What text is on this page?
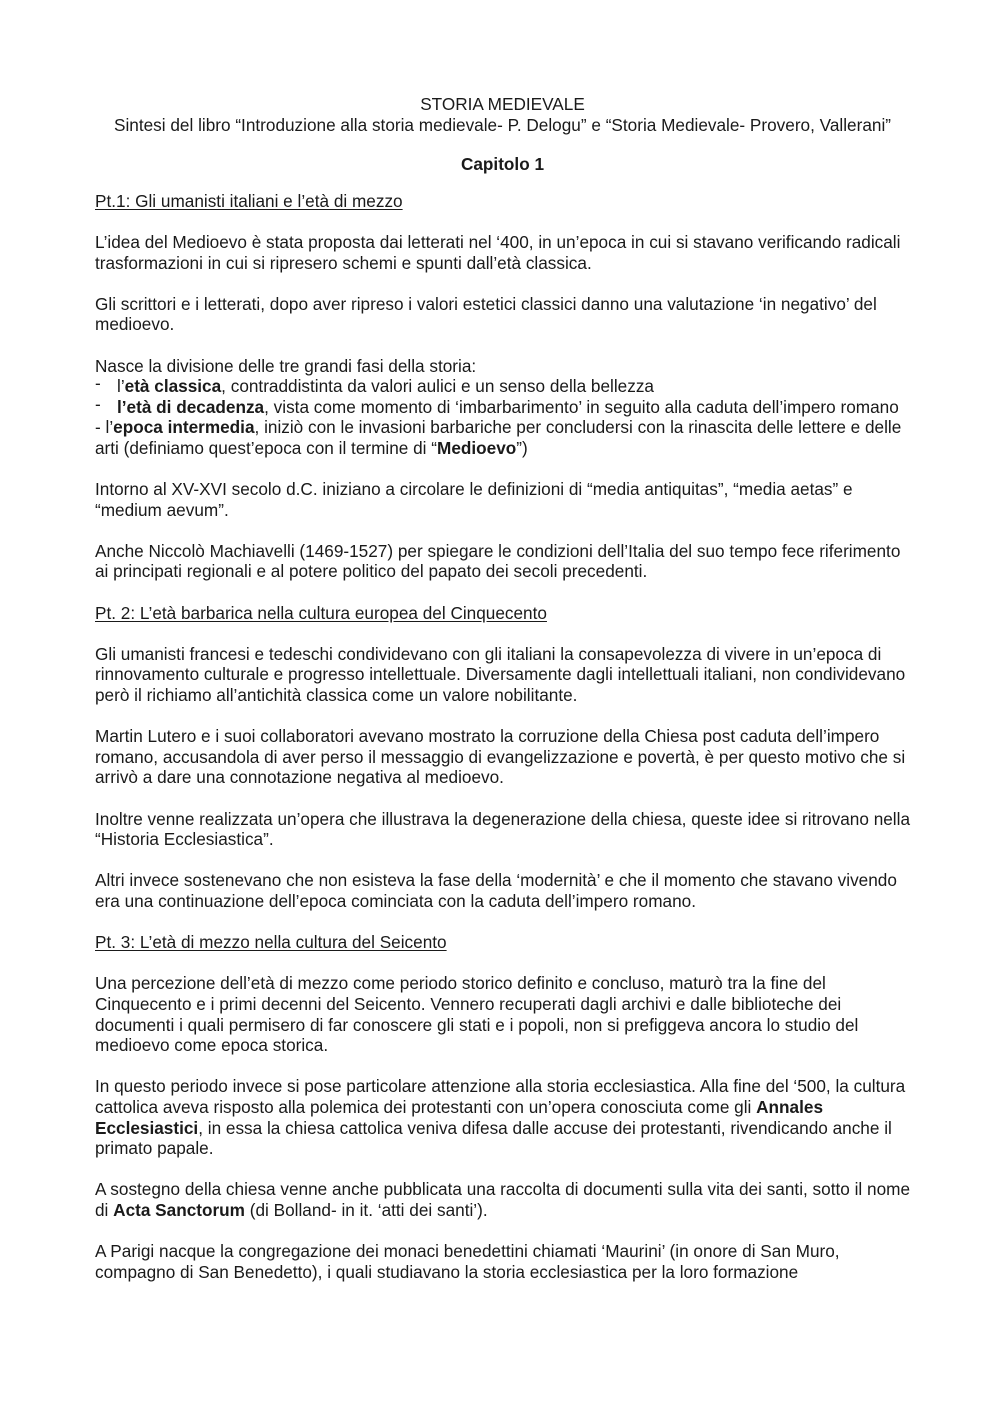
STORIA MEDIEVALE

Sintesi del libro “Introduzione alla storia medievale- P. Delogu” e “Storia Medievale- Provero, Vallerani”

Capitolo 1

Pt.1: Gli umanisti italiani e l’età di mezzo

L’idea del Medioevo è stata proposta dai letterati nel ‘400, in un’epoca in cui si stavano verificando radicali trasformazioni in cui si ripresero schemi e spunti dall’età classica.

Gli scrittori e i letterati, dopo aver ripreso i valori estetici classici danno una valutazione ‘in negativo’ del medioevo.

Nasce la divisione delle tre grandi fasi della storia:

- l’età classica, contraddistinta da valori aulici e un senso della bellezza
- l’età di decadenza, vista come momento di ‘imbarbarimento’ in seguito alla caduta dell’impero romano

- l’epoca intermedia, iniziò con le invasioni barbariche per concludersi con la rinascita delle lettere e delle arti (definiamo quest’epoca con il termine di “Medioevo”)

Intorno al XV-XVI secolo d.C. iniziano a circolare le definizioni di “media antiquitas”, “media aetas” e “medium aevum”.

Anche Niccolò Machiavelli (1469-1527) per spiegare le condizioni dell’Italia del suo tempo fece riferimento ai principati regionali e al potere politico del papato dei secoli precedenti.

Pt. 2: L’età barbarica nella cultura europea del Cinquecento

Gli umanisti francesi e tedeschi condividevano con gli italiani la consapevolezza di vivere in un’epoca di rinnovamento culturale e progresso intellettuale. Diversamente dagli intellettuali italiani, non condividevano però il richiamo all’antichità classica come un valore nobilitante.

Martin Lutero e i suoi collaboratori avevano mostrato la corruzione della Chiesa post caduta dell’impero romano, accusandola di aver perso il messaggio di evangelizzazione e povertà, è per questo motivo che si arrivò a dare una connotazione negativa al medioevo.

Inoltre venne realizzata un’opera che illustrava la degenerazione della chiesa, queste idee si ritrovano nella “Historia Ecclesiastica”.

Altri invece sostenevano che non esisteva la fase della ‘modernità’ e che il momento che stavano vivendo era una continuazione dell’epoca cominciata con la caduta dell’impero romano.

Pt. 3: L’età di mezzo nella cultura del Seicento

Una percezione dell’età di mezzo come periodo storico definito e concluso, maturò tra la fine del Cinquecento e i primi decenni del Seicento. Vennero recuperati dagli archivi e dalle biblioteche dei documenti i quali permisero di far conoscere gli stati e i popoli, non si prefiggeva ancora lo studio del medioevo come epoca storica.

In questo periodo invece si pose particolare attenzione alla storia ecclesiastica. Alla fine del ‘500, la cultura cattolica aveva risposto alla polemica dei protestanti con un’opera conosciuta come gli Annales Ecclesiastici, in essa la chiesa cattolica veniva difesa dalle accuse dei protestanti, rivendicando anche il primato papale.

A sostegno della chiesa venne anche pubblicata una raccolta di documenti sulla vita dei santi, sotto il nome di Acta Sanctorum (di Bolland- in it. ‘atti dei santi’).

A Parigi nacque la congregazione dei monaci benedettini chiamati ‘Maurini’ (in onore di San Muro, compagno di San Benedetto), i quali studiavano la storia ecclesiastica per la loro formazione
